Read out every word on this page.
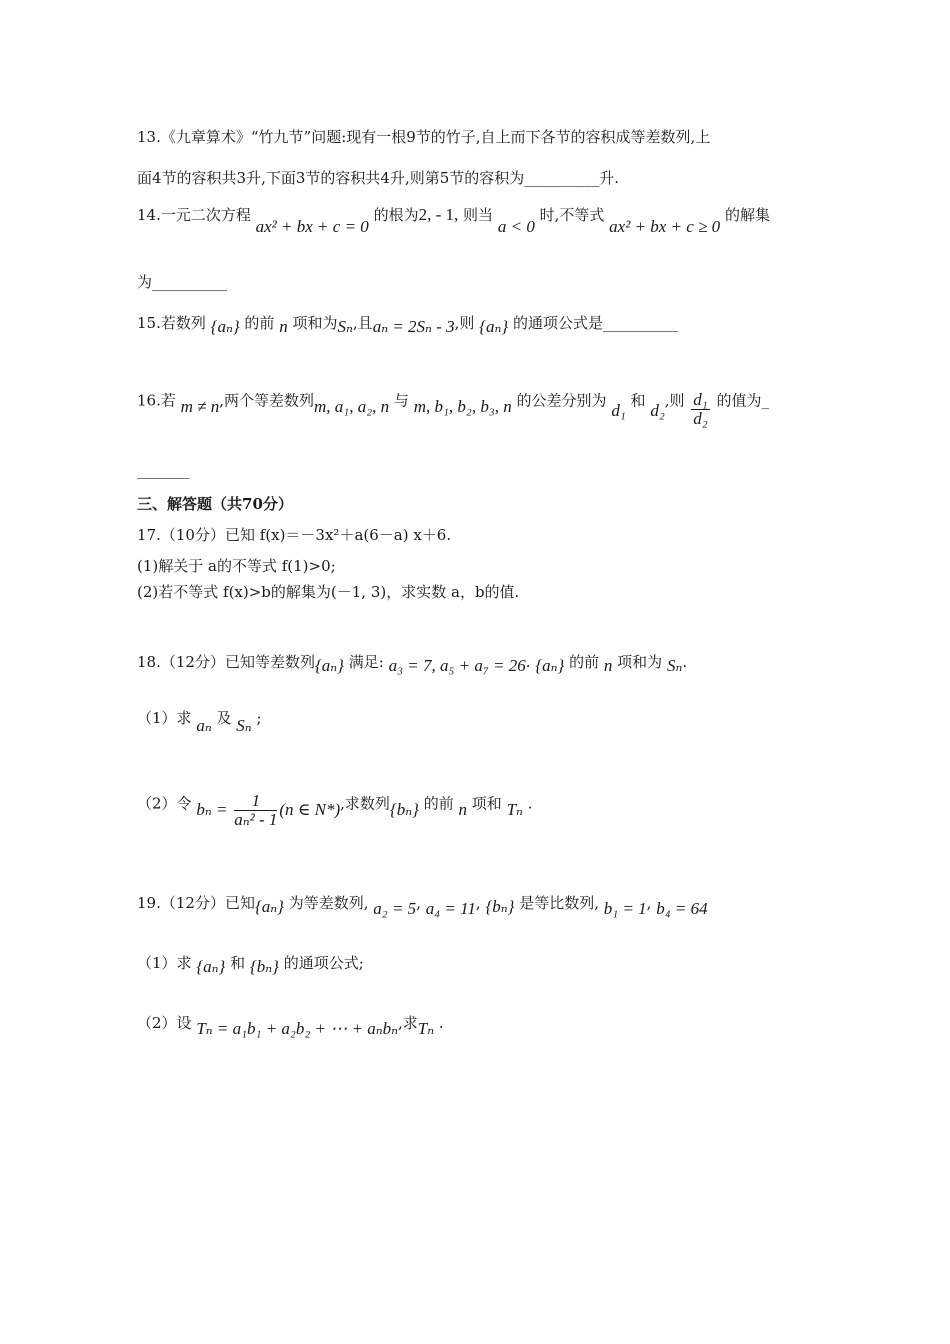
13.《九章算术》“竹九节”问题:现有一根9节的竹子,自上而下各节的容积成等差数列,上
面4节的容积共3升,下面3节的容积共4升,则第5节的容积为__________升.
14.一元二次方程 ax² + bx + c = 0 的根为2, - 1, 则当 a < 0 时,不等式 ax² + bx + c ≥ 0 的解集
为__________
15.若数列 {aₙ} 的前 n 项和为Sₙ,且aₙ = 2Sₙ - 3,则 {aₙ} 的通项公式是__________
16.若 m ≠ n,两个等差数列m, a₁, a₂, n 与 m, b₁, b₂, b₃, n 的公差分别为 d₁ 和 d₂,则 $\frac{\text{d₁}}{\text{d₂}}$ 的值为_
_______
三、解答题（共70分）
17.（10分）已知 f(x)＝－3x²＋a(6－a) x＋6.
(1)解关于 a的不等式 f(1)>0;
(2)若不等式 f(x)>b的解集为(－1, 3)，求实数 a，b的值.
18.（12分）已知等差数列{aₙ} 满足: a₃ = 7, a₅ + a₇ = 26. {aₙ} 的前 n 项和为 Sₙ.
（1）求 aₙ 及 Sₙ ;
（2）令 $b_n = \frac{1}{\text{aₙ² - 1}} (n$ ∈ N*),求数列{bₙ} 的前 n 项和 Tₙ .
19.（12分）已知{aₙ} 为等差数列, a₂ = 5, a₄ = 11, {bₙ} 是等比数列, b₁ = 1, b₄ = 64
（1）求 {aₙ} 和 {bₙ} 的通项公式;
（2）设 Tₙ = a₁b₁ + a₂b₂ + ⋯ + aₙbₙ,求Tₙ .
